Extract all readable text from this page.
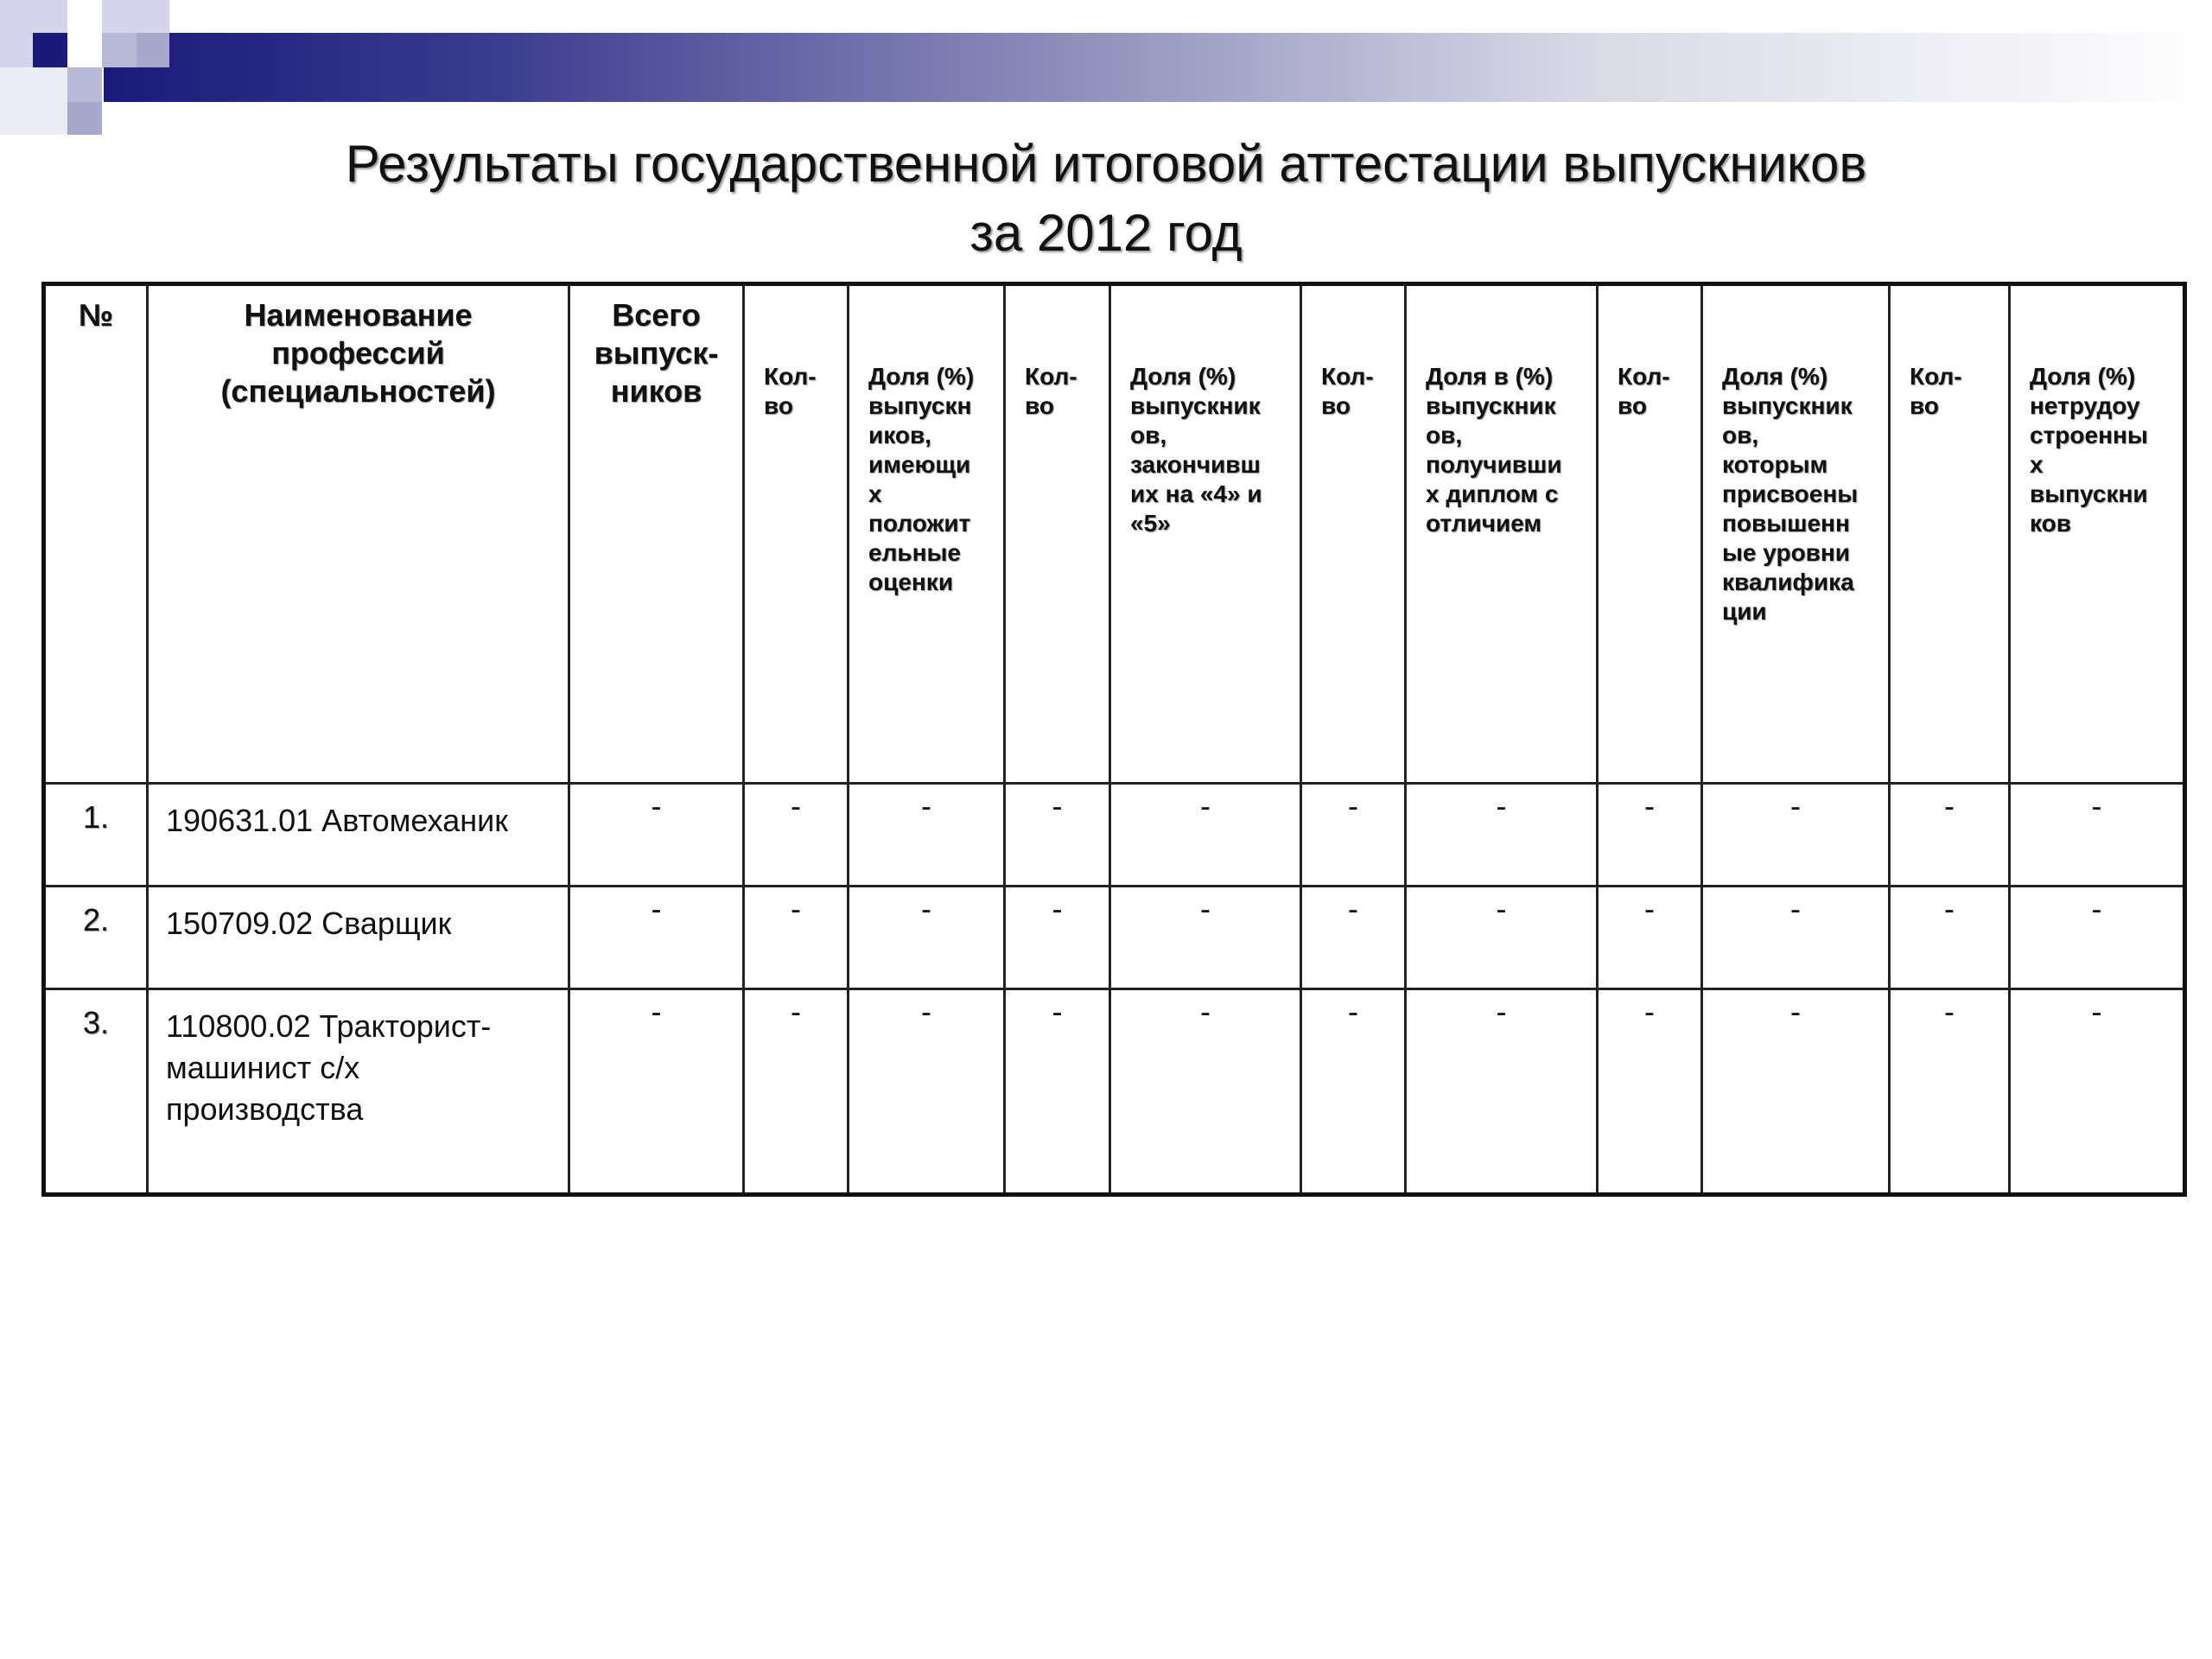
Результаты государственной итоговой аттестации выпускников
за 2012 год
№	Наименование профессий (специальностей)	Всего выпуск-ников	Кол-во	Доля (%) выпускн иков, имеющи х положит ельные оценки	Кол-во	Доля (%) выпускник ов, закончивш их на «4» и «5»	Кол-во	Доля в (%) выпускник ов, получивши х диплом с отличием	Кол-во	Доля (%) выпускник ов, которым присвоены повышенн ые уровни квалифика ции	Кол-во	Доля (%) нетрудоу строенны х выпускни ков
1.	190631.01 Автомеханик	-	-	-	-	-	-	-	-	-	-	-
2.	150709.02 Сварщик	-	-	-	-	-	-	-	-	-	-	-
3.	110800.02 Тракторист-машинист с/х производства	-	-	-	-	-	-	-	-	-	-	-
